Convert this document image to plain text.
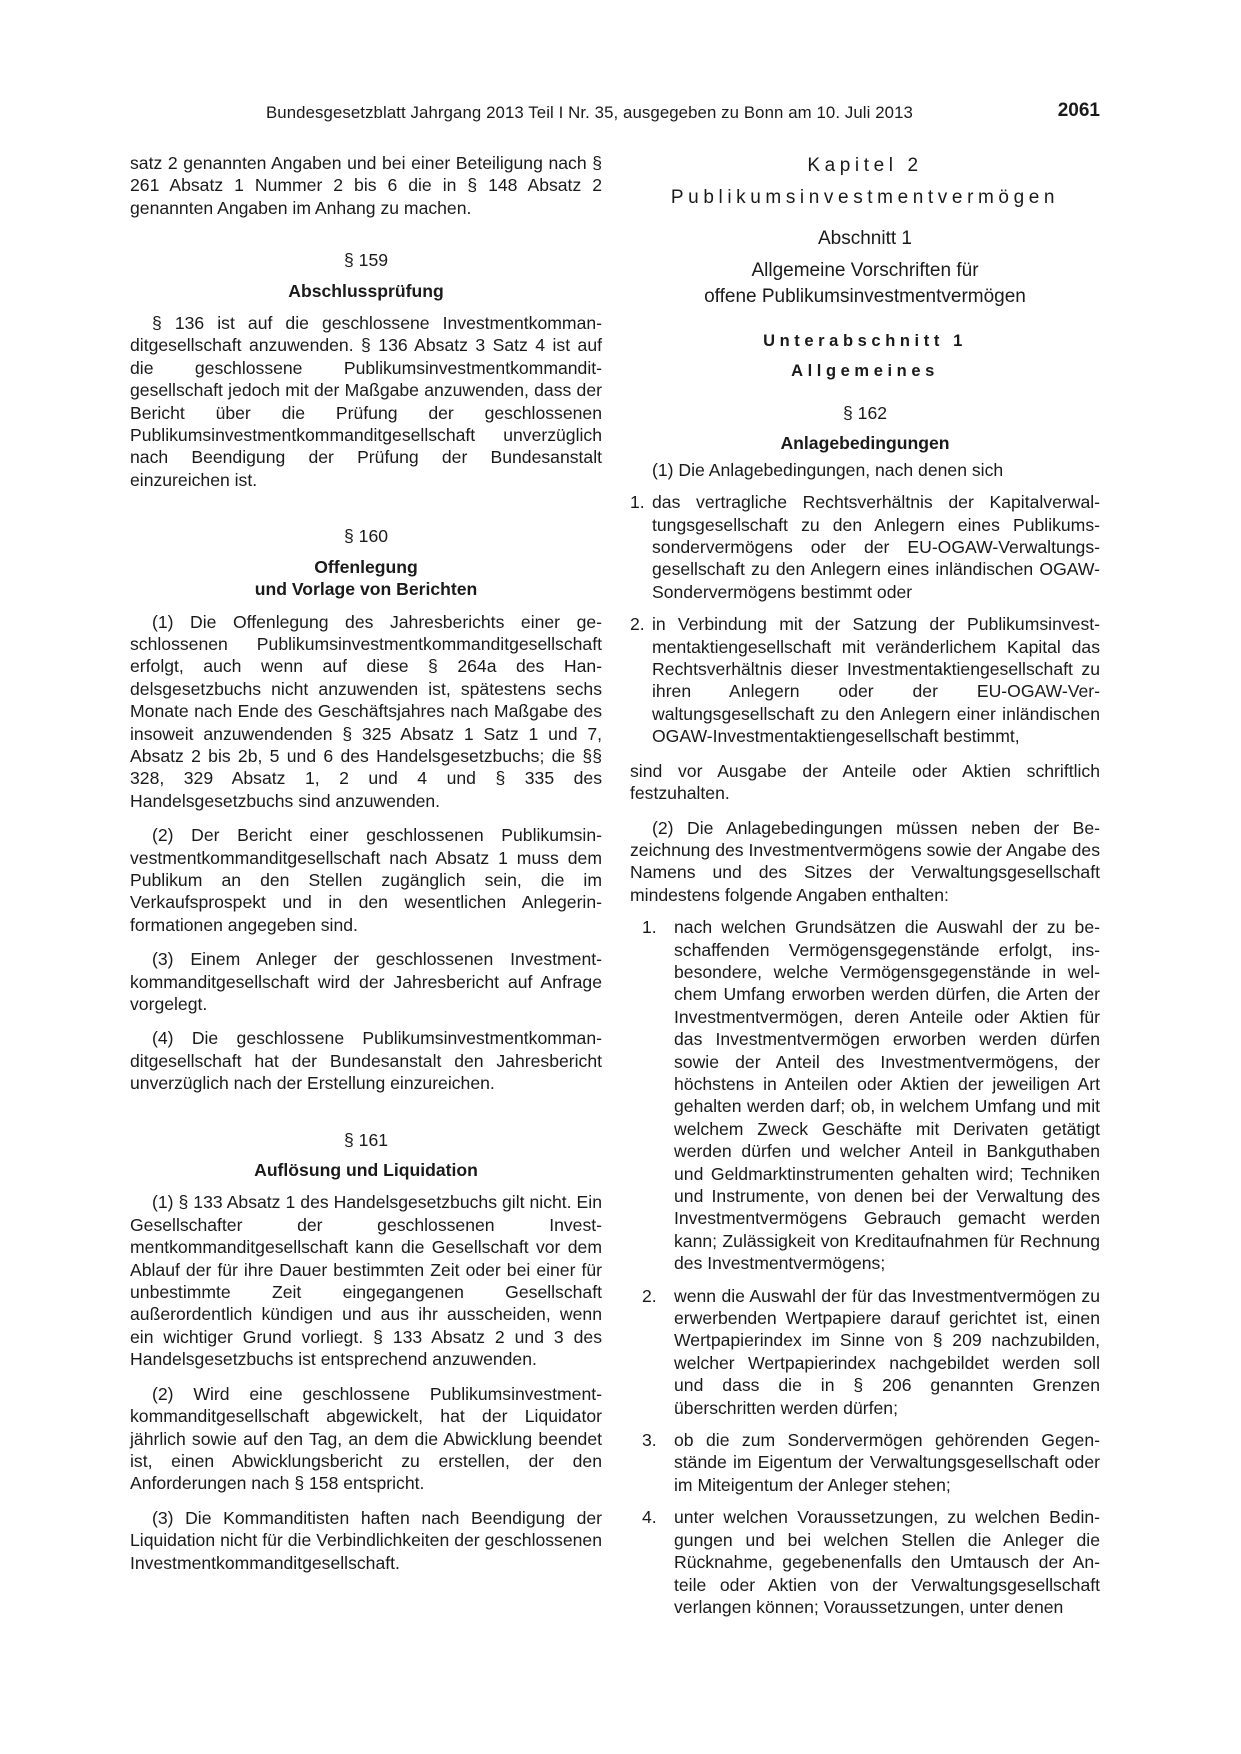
Bundesgesetzblatt Jahrgang 2013 Teil I Nr. 35, ausgegeben zu Bonn am 10. Juli 2013	2061

satz 2 genannten Angaben und bei einer Beteiligung nach § 261 Absatz 1 Nummer 2 bis 6 die in § 148 Absatz 2 genannten Angaben im Anhang zu machen.

§ 159
Abschlussprüfung

§ 136 ist auf die geschlossene Investmentkommanditgesellschaft anzuwenden. § 136 Absatz 3 Satz 4 ist auf die geschlossene Publikumsinvestmentkommanditgesellschaft jedoch mit der Maßgabe anzuwenden, dass der Bericht über die Prüfung der geschlossenen Publikumsinvestmentkommanditgesellschaft unverzüglich nach Beendigung der Prüfung der Bundesanstalt einzureichen ist.

§ 160
Offenlegung
und Vorlage von Berichten

(1) Die Offenlegung des Jahresberichts einer geschlossenen Publikumsinvestmentkommanditgesellschaft erfolgt, auch wenn auf diese § 264a des Handelsgesetzbuchs nicht anzuwenden ist, spätestens sechs Monate nach Ende des Geschäftsjahres nach Maßgabe des insoweit anzuwendenden § 325 Absatz 1 Satz 1 und 7, Absatz 2 bis 2b, 5 und 6 des Handelsgesetzbuchs; die §§ 328, 329 Absatz 1, 2 und 4 und § 335 des Handelsgesetzbuchs sind anzuwenden.

(2) Der Bericht einer geschlossenen Publikumsinvestmentkommanditgesellschaft nach Absatz 1 muss dem Publikum an den Stellen zugänglich sein, die im Verkaufsprospekt und in den wesentlichen Anlegerinformationen angegeben sind.

(3) Einem Anleger der geschlossenen Investmentkommanditgesellschaft wird der Jahresbericht auf Anfrage vorgelegt.

(4) Die geschlossene Publikumsinvestmentkommanditgesellschaft hat der Bundesanstalt den Jahresbericht unverzüglich nach der Erstellung einzureichen.

§ 161
Auflösung und Liquidation

(1) § 133 Absatz 1 des Handelsgesetzbuchs gilt nicht. Ein Gesellschafter der geschlossenen Investmentkommanditgesellschaft kann die Gesellschaft vor dem Ablauf der für ihre Dauer bestimmten Zeit oder bei einer für unbestimmte Zeit eingegangenen Gesellschaft außerordentlich kündigen und aus ihr ausscheiden, wenn ein wichtiger Grund vorliegt. § 133 Absatz 2 und 3 des Handelsgesetzbuchs ist entsprechend anzuwenden.

(2) Wird eine geschlossene Publikumsinvestmentkommanditgesellschaft abgewickelt, hat der Liquidator jährlich sowie auf den Tag, an dem die Abwicklung beendet ist, einen Abwicklungsbericht zu erstellen, der den Anforderungen nach § 158 entspricht.

(3) Die Kommanditisten haften nach Beendigung der Liquidation nicht für die Verbindlichkeiten der geschlossenen Investmentkommanditgesellschaft.

Kapitel 2
Publikumsinvestmentvermögen
Abschnitt 1
Allgemeine Vorschriften für
offene Publikumsinvestmentvermögen
Unterabschnitt 1
Allgemeines
§ 162
Anlagebedingungen

(1) Die Anlagebedingungen, nach denen sich

1. das vertragliche Rechtsverhältnis der Kapitalverwaltungsgesellschaft zu den Anlegern eines Publikumssondervermögens oder der EU-OGAW-Verwaltungsgesellschaft zu den Anlegern eines inländischen OGAW-Sondervermögens bestimmt oder
2. in Verbindung mit der Satzung der Publikumsinvestmentaktiengesellschaft mit veränderlichem Kapital das Rechtsverhältnis dieser Investmentaktiengesellschaft zu ihren Anlegern oder der EU-OGAW-Verwaltungsgesellschaft zu den Anlegern einer inländischen OGAW-Investmentaktiengesellschaft bestimmt,

sind vor Ausgabe der Anteile oder Aktien schriftlich festzuhalten.

(2) Die Anlagebedingungen müssen neben der Bezeichnung des Investmentvermögens sowie der Angabe des Namens und des Sitzes der Verwaltungsgesellschaft mindestens folgende Angaben enthalten:

1. nach welchen Grundsätzen die Auswahl der zu beschaffenden Vermögensgegenstände erfolgt, insbesondere, welche Vermögensgegenstände in welchem Umfang erworben werden dürfen, die Arten der Investmentvermögen, deren Anteile oder Aktien für das Investmentvermögen erworben werden dürfen sowie der Anteil des Investmentvermögens, der höchstens in Anteilen oder Aktien der jeweiligen Art gehalten werden darf; ob, in welchem Umfang und mit welchem Zweck Geschäfte mit Derivaten getätigt werden dürfen und welcher Anteil in Bankguthaben und Geldmarktinstrumenten gehalten wird; Techniken und Instrumente, von denen bei der Verwaltung des Investmentvermögens Gebrauch gemacht werden kann; Zulässigkeit von Kreditaufnahmen für Rechnung des Investmentvermögens;
2. wenn die Auswahl der für das Investmentvermögen zu erwerbenden Wertpapiere darauf gerichtet ist, einen Wertpapierindex im Sinne von § 209 nachzubilden, welcher Wertpapierindex nachgebildet werden soll und dass die in § 206 genannten Grenzen überschritten werden dürfen;
3. ob die zum Sondervermögen gehörenden Gegenstände im Eigentum der Verwaltungsgesellschaft oder im Miteigentum der Anleger stehen;
4. unter welchen Voraussetzungen, zu welchen Bedingungen und bei welchen Stellen die Anleger die Rücknahme, gegebenenfalls den Umtausch der Anteile oder Aktien von der Verwaltungsgesellschaft verlangen können; Voraussetzungen, unter denen
